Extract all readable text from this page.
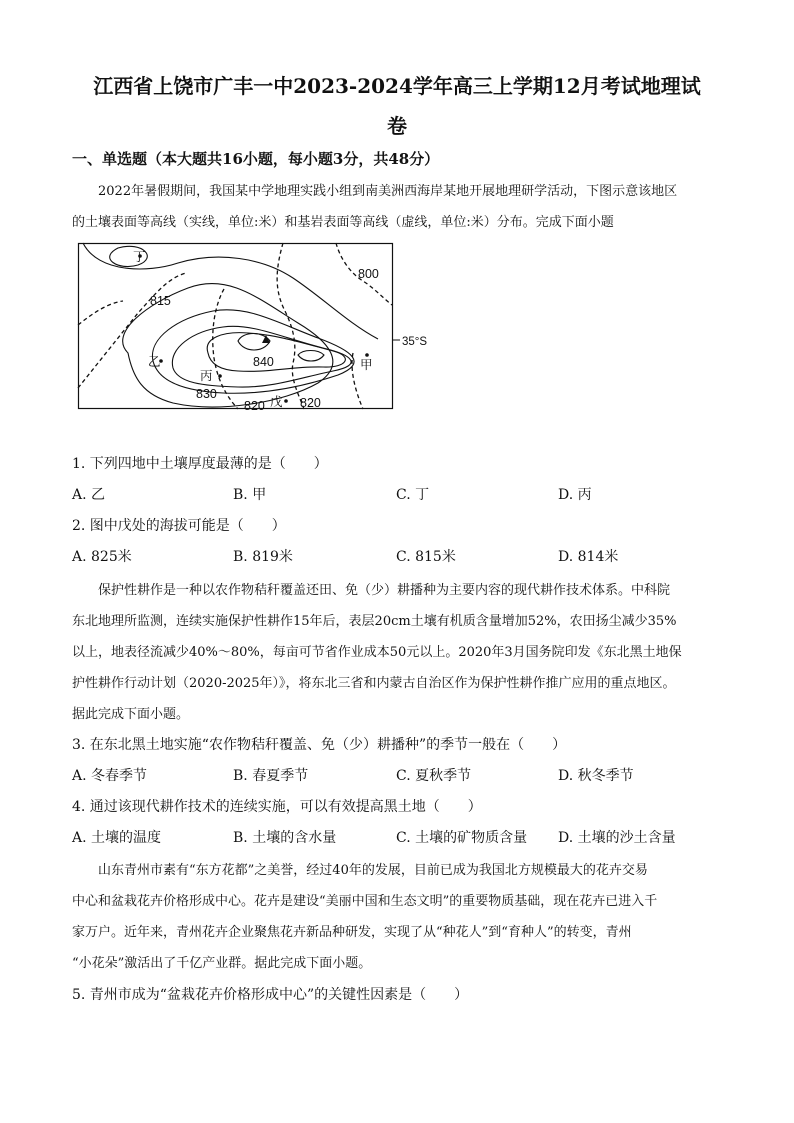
江西省上饶市广丰一中2023-2024学年高三上学期12月考试地理试
卷
一、单选题（本大题共16小题，每小题3分，共48分）
2022年暑假期间，我国某中学地理实践小组到南美洲西海岸某地开展地理研学活动，下图示意该地区
的土壤表面等高线（实线，单位:米）和基岩表面等高线（虚线，单位:米）分布。完成下面小题
丁
乙
丙
甲
戊
800
815
840
830
820	820
35°S
1. 下列四地中土壤厚度最薄的是（　　）
A. 乙	B. 甲	C. 丁	D. 丙
2. 图中戊处的海拔可能是（　　）
A. 825米	B. 819米	C. 815米	D. 814米
保护性耕作是一种以农作物秸秆覆盖还田、免（少）耕播种为主要内容的现代耕作技术体系。中科院
东北地理所监测，连续实施保护性耕作15年后，表层20cm土壤有机质含量增加52%，农田扬尘减少35%
以上，地表径流减少40%～80%，每亩可节省作业成本50元以上。2020年3月国务院印发《东北黑土地保
护性耕作行动计划（2020-2025年）》，将东北三省和内蒙古自治区作为保护性耕作推广应用的重点地区。
据此完成下面小题。
3. 在东北黑土地实施“农作物秸秆覆盖、免（少）耕播种”的季节一般在（　　）
A. 冬春季节	B. 春夏季节	C. 夏秋季节	D. 秋冬季节
4. 通过该现代耕作技术的连续实施，可以有效提高黑土地（　　）
A. 土壤的温度	B. 土壤的含水量	C. 土壤的矿物质含量 D. 土壤的沙土含量
山东青州市素有“东方花都”之美誉，经过40年的发展，目前已成为我国北方规模最大的花卉交易
中心和盆栽花卉价格形成中心。花卉是建设“美丽中国和生态文明”的重要物质基础，现在花卉已进入千
家万户。近年来，青州花卉企业聚焦花卉新品种研发，实现了从“种花人”到“育种人”的转变，青州
“小花朵”激活出了千亿产业群。据此完成下面小题。
5. 青州市成为“盆栽花卉价格形成中心”的关键性因素是（　　）
